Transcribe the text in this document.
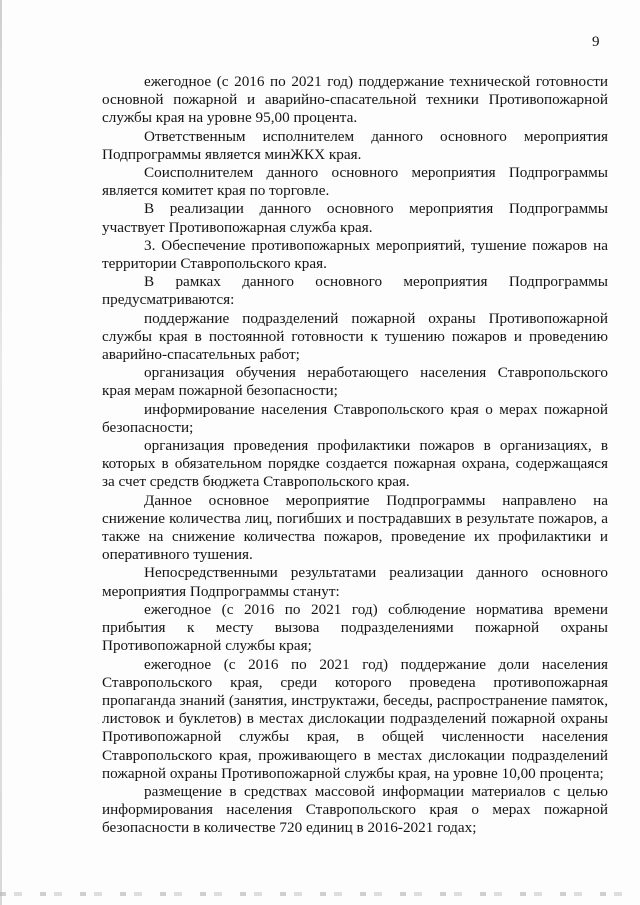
9

ежегодное (с 2016 по 2021 год) поддержание технической готовности основной пожарной и аварийно-спасательной техники Противопожарной службы края на уровне 95,00 процента.

Ответственным исполнителем данного основного мероприятия Подпрограммы является минЖКХ края.

Соисполнителем данного основного мероприятия Подпрограммы является комитет края по торговле.

В реализации данного основного мероприятия Подпрограммы участвует Противопожарная служба края.

3. Обеспечение противопожарных мероприятий, тушение пожаров на территории Ставропольского края.

В рамках данного основного мероприятия Подпрограммы предусматриваются:

поддержание подразделений пожарной охраны Противопожарной службы края в постоянной готовности к тушению пожаров и проведению аварийно-спасательных работ;

организация обучения неработающего населения Ставропольского края мерам пожарной безопасности;

информирование населения Ставропольского края о мерах пожарной безопасности;

организация проведения профилактики пожаров в организациях, в которых в обязательном порядке создается пожарная охрана, содержащаяся за счет средств бюджета Ставропольского края.

Данное основное мероприятие Подпрограммы направлено на снижение количества лиц, погибших и пострадавших в результате пожаров, а также на снижение количества пожаров, проведение их профилактики и оперативного тушения.

Непосредственными результатами реализации данного основного мероприятия Подпрограммы станут:

ежегодное (с 2016 по 2021 год) соблюдение норматива времени прибытия к месту вызова подразделениями пожарной охраны Противопожарной службы края;

ежегодное (с 2016 по 2021 год) поддержание доли населения Ставропольского края, среди которого проведена противопожарная пропаганда знаний (занятия, инструктажи, беседы, распространение памяток, листовок и буклетов) в местах дислокации подразделений пожарной охраны Противопожарной службы края, в общей численности населения Ставропольского края, проживающего в местах дислокации подразделений пожарной охраны Противопожарной службы края, на уровне 10,00 процента;

размещение в средствах массовой информации материалов с целью информирования населения Ставропольского края о мерах пожарной безопасности в количестве 720 единиц в 2016-2021 годах;
